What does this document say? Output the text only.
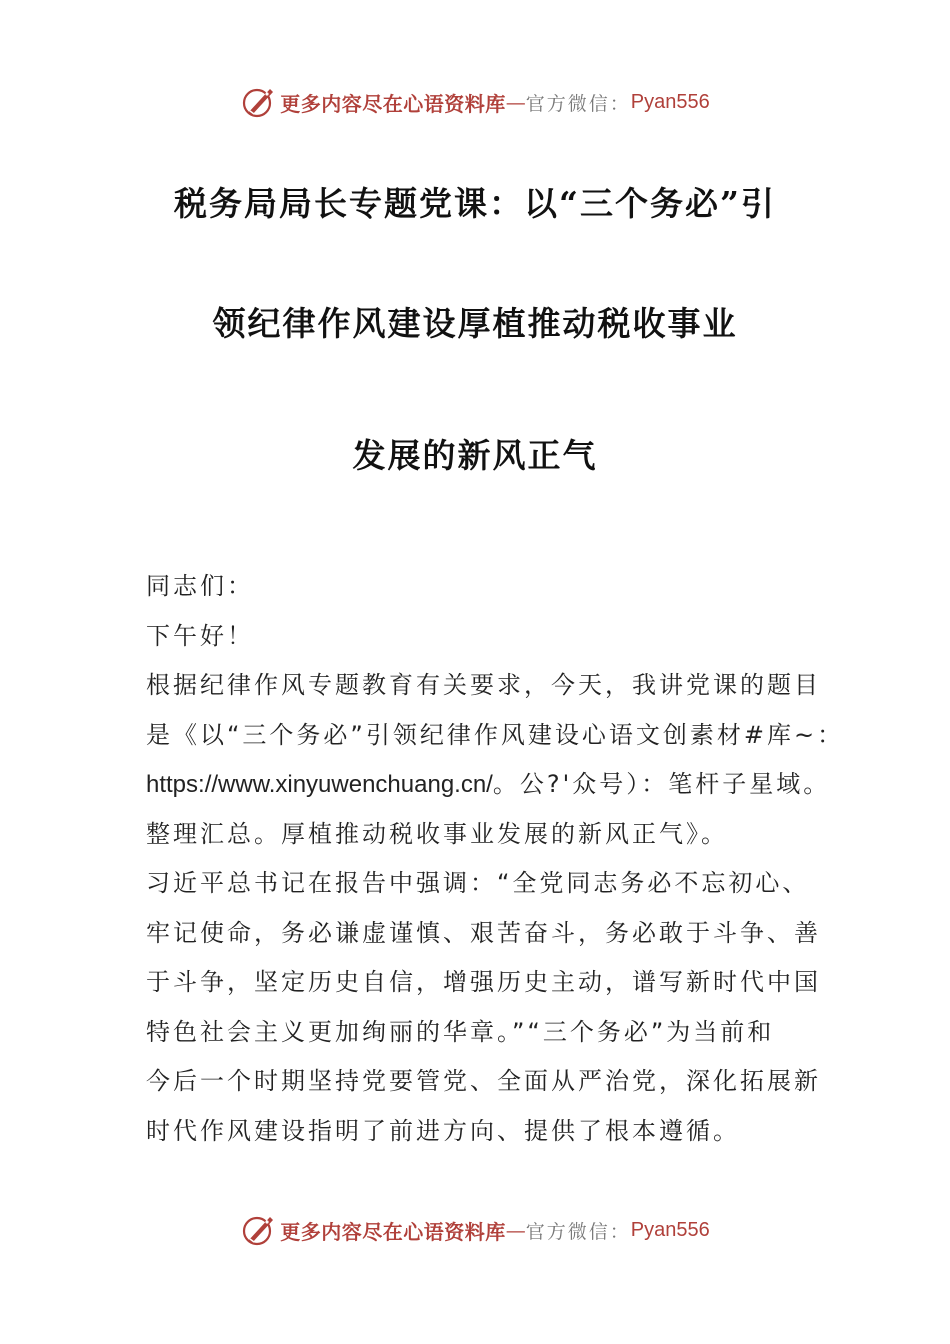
更多内容尽在心语资料库 — 官方微信： Pyan556
税务局局长专题党课：以“三个务必”引
领纪律作风建设厚植推动税收事业
发展的新风正气

同志们：

下午好！

根据纪律作风专题教育有关要求，今天，我讲党课的题目

是《以“三个务必”引领纪律作风建设心语文创素材#库~：

https://www.xinyuwenchuang.cn/。公?'众号）：笔杆子星域。

整理汇总。厚植推动税收事业发展的新风正气》。

习近平总书记在报告中强调：“全党同志务必不忘初心、

牢记使命，务必谦虚谨慎、艰苦奋斗，务必敢于斗争、善

于斗争，坚定历史自信，增强历史主动，谱写新时代中国

特色社会主义更加绚丽的华章。”“三个务必”为当前和

今后一个时期坚持党要管党、全面从严治党，深化拓展新

时代作风建设指明了前进方向、提供了根本遵循。

更多内容尽在心语资料库 — 官方微信： Pyan556
